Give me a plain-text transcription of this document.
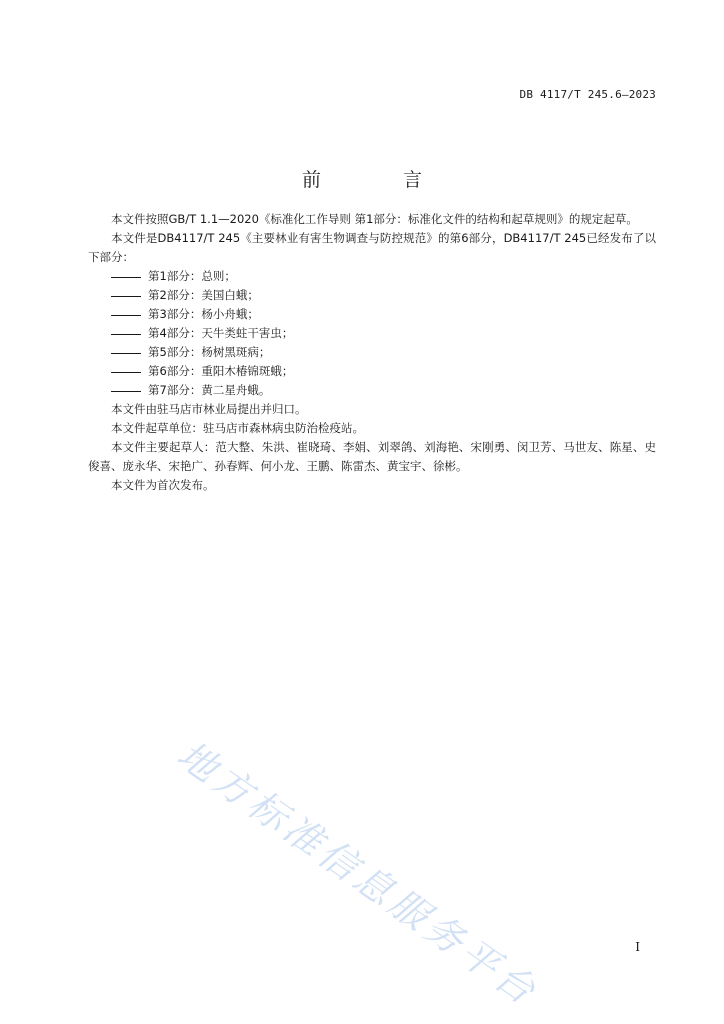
DB 4117/T 245.6—2023
前 言

本文件按照GB/T 1.1—2020《标准化工作导则 第1部分：标准化文件的结构和起草规则》的规定起草。

本文件是DB4117/T 245《主要林业有害生物调查与防控规范》的第6部分，DB4117/T 245已经发布了以下部分：

第1部分：总则；
第2部分：美国白蛾；
第3部分：杨小舟蛾；
第4部分：天牛类蛀干害虫；
第5部分：杨树黑斑病；
第6部分：重阳木椿锦斑蛾；
第7部分：黄二星舟蛾。

本文件由驻马店市林业局提出并归口。

本文件起草单位：驻马店市森林病虫防治检疫站。

本文件主要起草人：范大整、朱洪、崔晓琦、李娟、刘翠鸽、刘海艳、宋刚勇、闵卫芳、马世友、陈星、史俊喜、庞永华、宋艳广、孙春辉、何小龙、王鹏、陈雷杰、黄宝宇、徐彬。

本文件为首次发布。

地方标准信息服务平台	I
